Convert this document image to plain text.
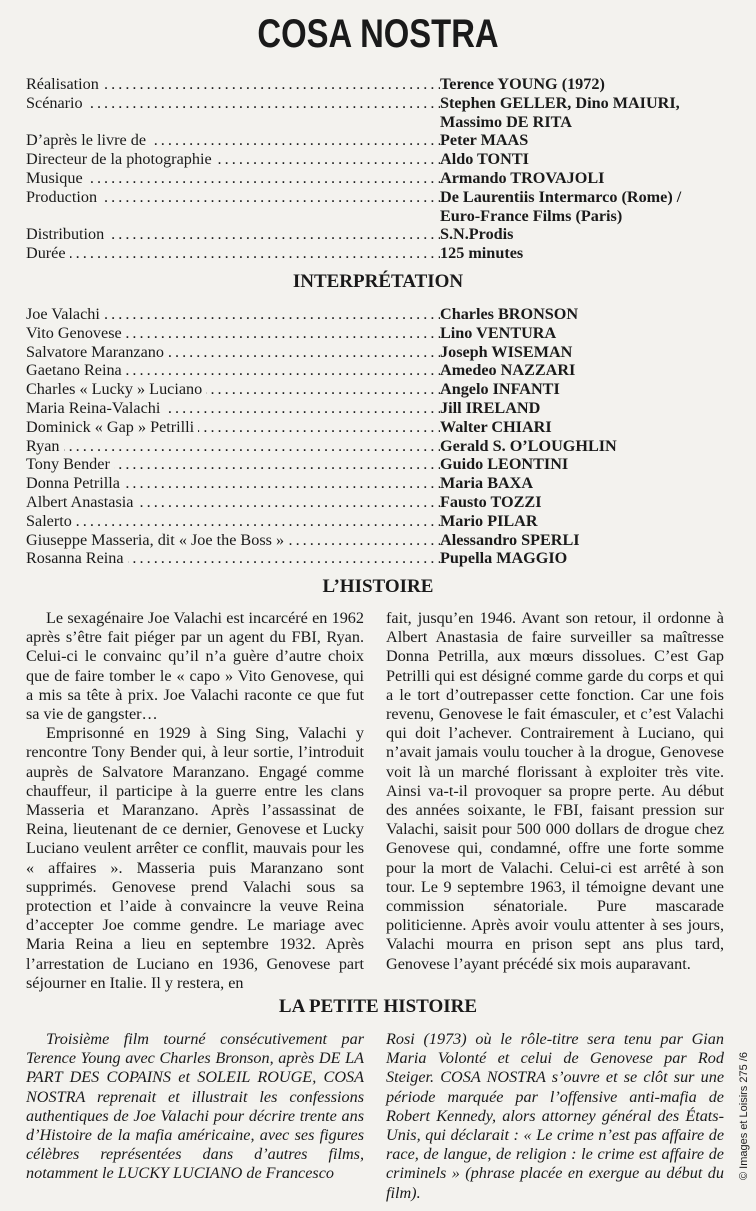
COSA NOSTRA
Réalisation . . .	Terence YOUNG (1972)
Scénario . . .	Stephen GELLER, Dino MAIURI,
Massimo DE RITA
D’après le livre de . . .	Peter MAAS
Directeur de la photographie . . .	Aldo TONTI
Musique . . .	Armando TROVAJOLI
Production . . .	De Laurentiis Intermarco (Rome) /
Euro-France Films (Paris)
Distribution . . .	S.N.Prodis
Durée . . .	125 minutes
INTERPRÉTATION
Joe Valachi . . .	Charles BRONSON
Vito Genovese . . .	Lino VENTURA
Salvatore Maranzano . . .	Joseph WISEMAN
Gaetano Reina . . .	Amedeo NAZZARI
Charles « Lucky » Luciano . . .	Angelo INFANTI
Maria Reina-Valachi . . .	Jill IRELAND
Dominick « Gap » Petrilli . . .	Walter CHIARI
Ryan . . .	Gerald S. O’LOUGHLIN
Tony Bender . . .	Guido LEONTINI
Donna Petrilla . . .	Maria BAXA
Albert Anastasia . . .	Fausto TOZZI
Salerto . . .	Mario PILAR
Giuseppe Masseria, dit « Joe the Boss » . . .	Alessandro SPERLI
Rosanna Reina . . .	Pupella MAGGIO
L’HISTOIRE

Le sexagénaire Joe Valachi est incarcéré en 1962 après s’être fait piéger par un agent du FBI, Ryan. Celui-ci le convainc qu’il n’a guère d’autre choix que de faire tomber le « capo » Vito Genovese, qui a mis sa tête à prix. Joe Valachi raconte ce que fut sa vie de gangster…

Emprisonné en 1929 à Sing Sing, Valachi y rencontre Tony Bender qui, à leur sortie, l’introduit auprès de Salvatore Maranzano. Engagé comme chauffeur, il participe à la guerre entre les clans Masseria et Maranzano. Après l’assassinat de Reina, lieutenant de ce dernier, Genovese et Lucky Luciano veulent arrêter ce conflit, mauvais pour les « affaires ». Masseria puis Maranzano sont supprimés. Genovese prend Valachi sous sa protection et l’aide à convaincre la veuve Reina d’accepter Joe comme gendre. Le mariage avec Maria Reina a lieu en septembre 1932. Après l’arrestation de Luciano en 1936, Genovese part séjourner en Italie. Il y restera, en

fait, jusqu’en 1946. Avant son retour, il ordonne à Albert Anastasia de faire surveiller sa maîtresse Donna Petrilla, aux mœurs dissolues. C’est Gap Petrilli qui est désigné comme garde du corps et qui a le tort d’outrepasser cette fonction. Car une fois revenu, Genovese le fait émasculer, et c’est Valachi qui doit l’achever. Contrairement à Luciano, qui n’avait jamais voulu toucher à la drogue, Genovese voit là un marché florissant à exploiter très vite. Ainsi va-t-il provoquer sa propre perte. Au début des années soixante, le FBI, faisant pression sur Valachi, saisit pour 500 000 dollars de drogue chez Genovese qui, condamné, offre une forte somme pour la mort de Valachi. Celui-ci est arrêté à son tour. Le 9 septembre 1963, il témoigne devant une commission sénatoriale. Pure mascarade politicienne. Après avoir voulu attenter à ses jours, Valachi mourra en prison sept ans plus tard, Genovese l’ayant précédé six mois auparavant.

LA PETITE HISTOIRE

Troisième film tourné consécutivement par Terence Young avec Charles Bronson, après DE LA PART DES COPAINS et SOLEIL ROUGE, COSA NOSTRA reprenait et illustrait les confessions authentiques de Joe Valachi pour décrire trente ans d’Histoire de la mafia américaine, avec ses figures célèbres représentées dans d’autres films, notamment le LUCKY LUCIANO de Francesco

Rosi (1973) où le rôle-titre sera tenu par Gian Maria Volonté et celui de Genovese par Rod Steiger. COSA NOSTRA s’ouvre et se clôt sur une période marquée par l’offensive anti-mafia de Robert Kennedy, alors attorney général des États-Unis, qui déclarait : « Le crime n’est pas affaire de race, de langue, de religion : le crime est affaire de criminels » (phrase placée en exergue au début du film).

© Images et Loisirs 275 /6
